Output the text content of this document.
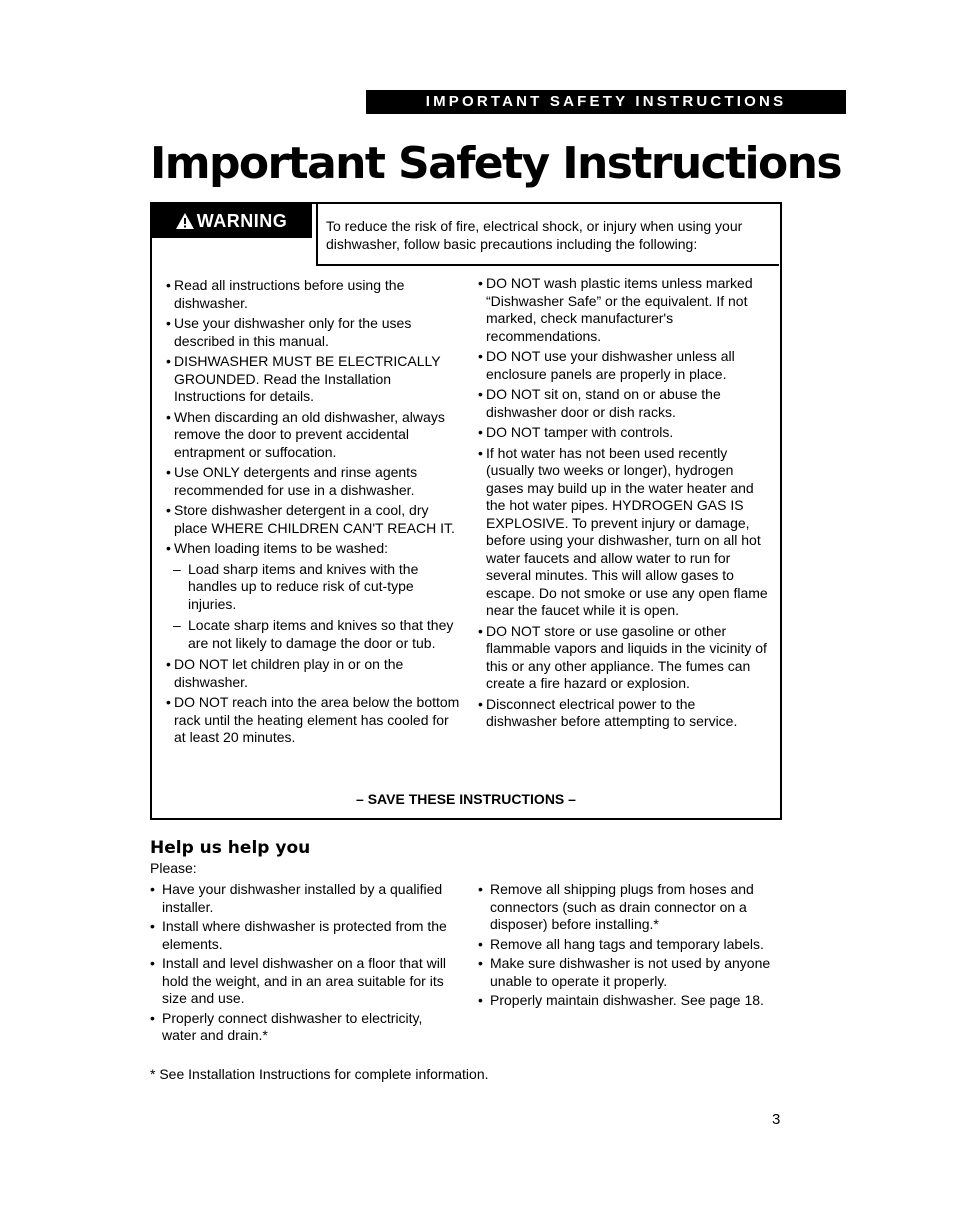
IMPORTANT SAFETY INSTRUCTIONS
Important Safety Instructions
WARNING	To reduce the risk of fire, electrical shock, or injury when using your dishwasher, follow basic precautions including the following:
• Read all instructions before using the dishwasher.
• Use your dishwasher only for the uses described in this manual.
• DISHWASHER MUST BE ELECTRICALLY GROUNDED. Read the Installation Instructions for details.
• When discarding an old dishwasher, always remove the door to prevent accidental entrapment or suffocation.
• Use ONLY detergents and rinse agents recommended for use in a dishwasher.
• Store dishwasher detergent in a cool, dry place WHERE CHILDREN CAN'T REACH IT.
• When loading items to be washed:
– Load sharp items and knives with the handles up to reduce risk of cut-type injuries.
– Locate sharp items and knives so that they are not likely to damage the door or tub.
• DO NOT let children play in or on the dishwasher.
• DO NOT reach into the area below the bottom rack until the heating element has cooled for at least 20 minutes.
• DO NOT wash plastic items unless marked “Dishwasher Safe” or the equivalent. If not marked, check manufacturer's recommendations.
• DO NOT use your dishwasher unless all enclosure panels are properly in place.
• DO NOT sit on, stand on or abuse the dishwasher door or dish racks.
• DO NOT tamper with controls.
• If hot water has not been used recently (usually two weeks or longer), hydrogen gases may build up in the water heater and the hot water pipes. HYDROGEN GAS IS EXPLOSIVE. To prevent injury or damage, before using your dishwasher, turn on all hot water faucets and allow water to run for several minutes. This will allow gases to escape. Do not smoke or use any open flame near the faucet while it is open.
• DO NOT store or use gasoline or other flammable vapors and liquids in the vicinity of this or any other appliance. The fumes can create a fire hazard or explosion.
• Disconnect electrical power to the dishwasher before attempting to service.
– SAVE THESE INSTRUCTIONS –
Help us help you
Please:
• Have your dishwasher installed by a qualified installer.
• Install where dishwasher is protected from the elements.
• Install and level dishwasher on a floor that will hold the weight, and in an area suitable for its size and use.
• Properly connect dishwasher to electricity, water and drain.*
• Remove all shipping plugs from hoses and connectors (such as drain connector on a disposer) before installing.*
• Remove all hang tags and temporary labels.
• Make sure dishwasher is not used by anyone unable to operate it properly.
• Properly maintain dishwasher. See page 18.
* See Installation Instructions for complete information.
3
